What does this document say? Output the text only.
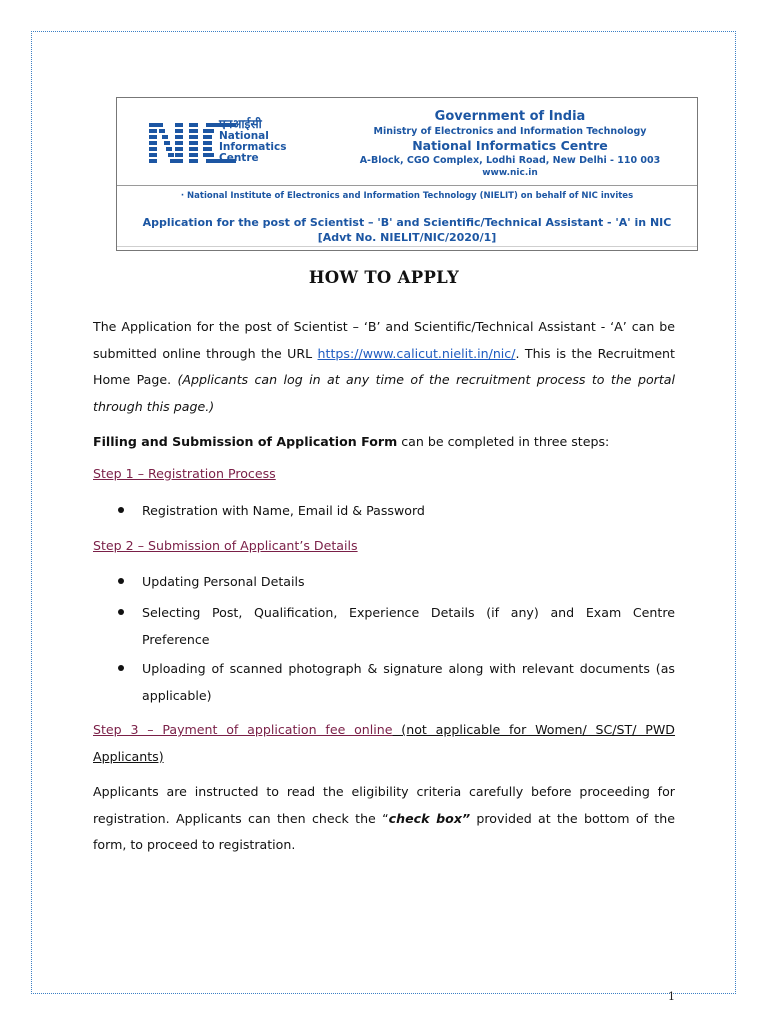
एनआईसी
National
Informatics
Centre
Government of India
Ministry of Electronics and Information Technology
National Informatics Centre
A-Block, CGO Complex, Lodhi Road, New Delhi - 110 003
www.nic.in
· National Institute of Electronics and Information Technology (NIELIT) on behalf of NIC invites
Application for the post of Scientist – 'B' and Scientific/Technical Assistant - 'A' in NIC
[Advt No. NIELIT/NIC/2020/1]
HOW TO APPLY

The Application for the post of Scientist – ‘B’ and Scientific/Technical Assistant - ‘A’ can be submitted online through the URL https://www.calicut.nielit.in/nic/. This is the Recruitment Home Page. (Applicants can log in at any time of the recruitment process to the portal through this page.)

Filling and Submission of Application Form can be completed in three steps:

Step 1 – Registration Process

Registration with Name, Email id & Password

Step 2 – Submission of Applicant’s Details

Updating Personal Details
Selecting Post, Qualification, Experience Details (if any) and Exam Centre Preference
Uploading of scanned photograph & signature along with relevant documents (as applicable)

Step 3 – Payment of application fee online (not applicable for Women/ SC/ST/ PWD Applicants)

Applicants are instructed to read the eligibility criteria carefully before proceeding for registration. Applicants can then check the “check box” provided at the bottom of the form, to proceed to registration.

1
